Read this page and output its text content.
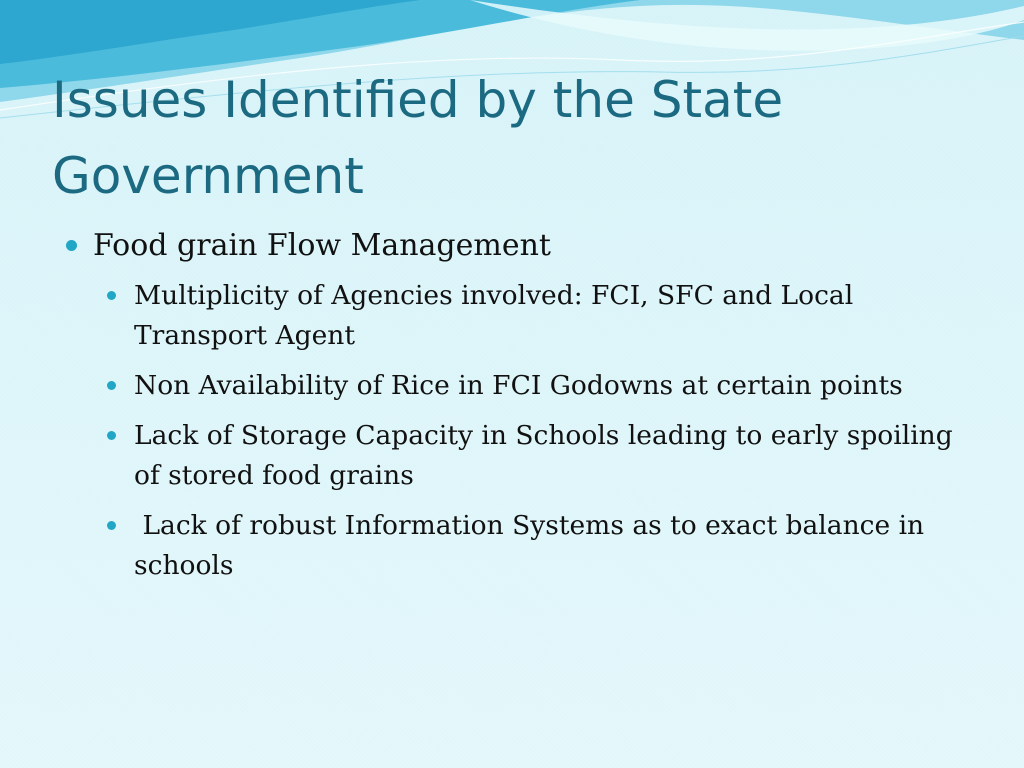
Issues Identified by the State Government
Food grain Flow Management
Multiplicity of Agencies involved: FCI, SFC and Local Transport Agent
Non Availability of Rice in FCI Godowns at certain points
Lack of Storage Capacity in Schools leading to early spoiling of stored food grains
Lack of robust Information Systems as to exact balance in schools
